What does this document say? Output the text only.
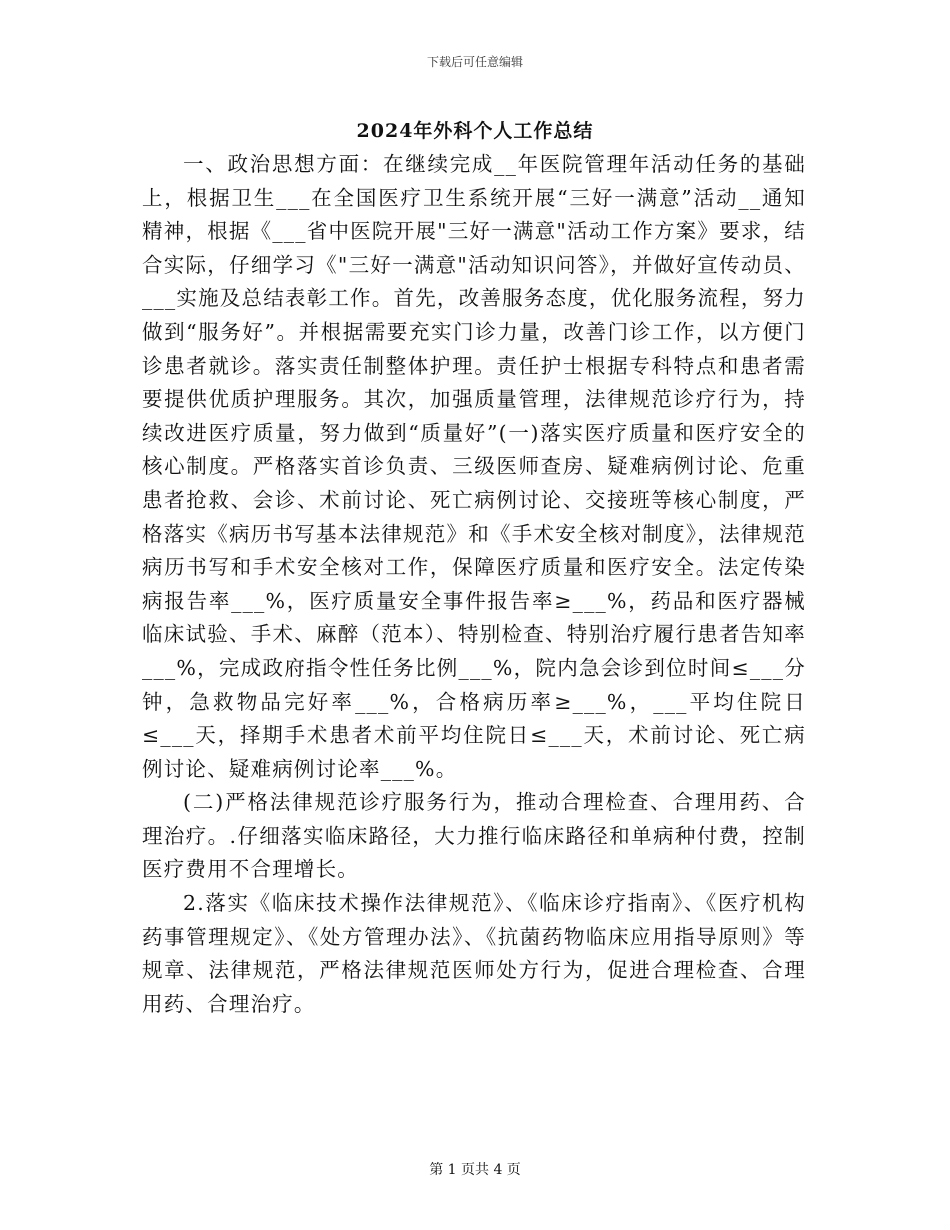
下载后可任意编辑
2024年外科个人工作总结

一、政治思想方面：在继续完成__年医院管理年活动任务的基础上，根据卫生___在全国医疗卫生系统开展“三好一满意”活动__通知精神，根据《___省中医院开展"三好一满意"活动工作方案》要求，结合实际，仔细学习《"三好一满意"活动知识问答》，并做好宣传动员、___实施及总结表彰工作。首先，改善服务态度，优化服务流程，努力做到“服务好”。并根据需要充实门诊力量，改善门诊工作，以方便门诊患者就诊。落实责任制整体护理。责任护士根据专科特点和患者需要提供优质护理服务。其次，加强质量管理，法律规范诊疗行为，持续改进医疗质量，努力做到“质量好”(一)落实医疗质量和医疗安全的核心制度。严格落实首诊负责、三级医师查房、疑难病例讨论、危重患者抢救、会诊、术前讨论、死亡病例讨论、交接班等核心制度，严格落实《病历书写基本法律规范》和《手术安全核对制度》，法律规范病历书写和手术安全核对工作，保障医疗质量和医疗安全。法定传染病报告率___%，医疗质量安全事件报告率≥___%，药品和医疗器械临床试验、手术、麻醉（范本）、特别检查、特别治疗履行患者告知率___%，完成政府指令性任务比例___%，院内急会诊到位时间≤___分钟，急救物品完好率___%，合格病历率≥___%，___平均住院日≤___天，择期手术患者术前平均住院日≤___天，术前讨论、死亡病例讨论、疑难病例讨论率___%。

(二)严格法律规范诊疗服务行为，推动合理检查、合理用药、合理治疗。.仔细落实临床路径，大力推行临床路径和单病种付费，控制医疗费用不合理增长。

2.落实《临床技术操作法律规范》、《临床诊疗指南》、《医疗机构药事管理规定》、《处方管理办法》、《抗菌药物临床应用指导原则》等规章、法律规范，严格法律规范医师处方行为，促进合理检查、合理用药、合理治疗。

第 1 页共 4 页
